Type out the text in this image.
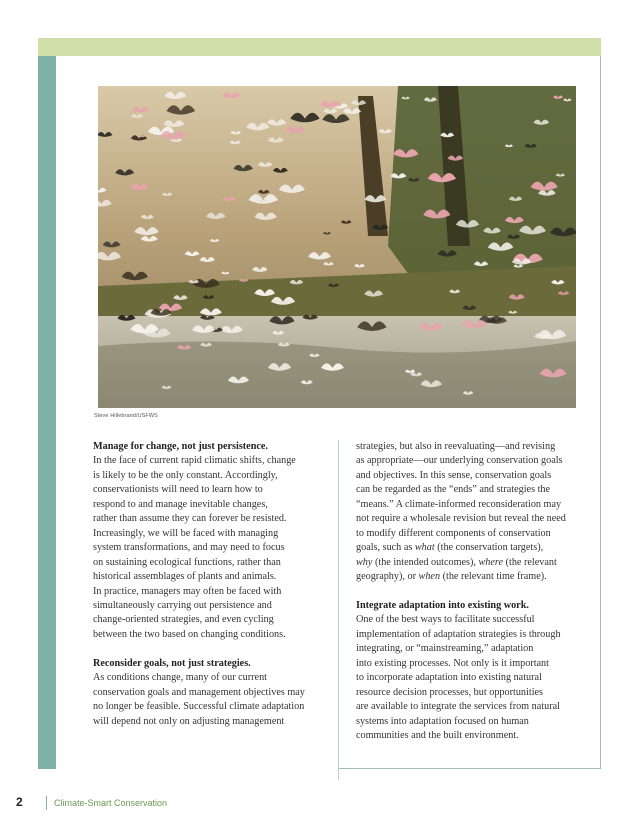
Steve Hillebrand/USFWS

Manage for change, not just persistence.

In the face of current rapid climatic shifts, change

is likely to be the only constant. Accordingly,

conservationists will need to learn how to

respond to and manage inevitable changes,

rather than assume they can forever be resisted.

Increasingly, we will be faced with managing

system transformations, and may need to focus

on sustaining ecological functions, rather than

historical assemblages of plants and animals.

In practice, managers may often be faced with

simultaneously carrying out persistence and

change-oriented strategies, and even cycling

between the two based on changing conditions.

Reconsider goals, not just strategies.

As conditions change, many of our current

conservation goals and management objectives may

no longer be feasible. Successful climate adaptation

will depend not only on adjusting management

strategies, but also in reevaluating—and revising

as appropriate—our underlying conservation goals

and objectives. In this sense, conservation goals

can be regarded as the “ends” and strategies the

“means.” A climate-informed reconsideration may

not require a wholesale revision but reveal the need

to modify different components of conservation

goals, such as what (the conservation targets),

why (the intended outcomes), where (the relevant

geography), or when (the relevant time frame).

Integrate adaptation into existing work.

One of the best ways to facilitate successful

implementation of adaptation strategies is through

integrating, or “mainstreaming,” adaptation

into existing processes. Not only is it important

to incorporate adaptation into existing natural

resource decision processes, but opportunities

are available to integrate the services from natural

systems into adaptation focused on human

communities and the built environment.

2	Climate-Smart Conservation
